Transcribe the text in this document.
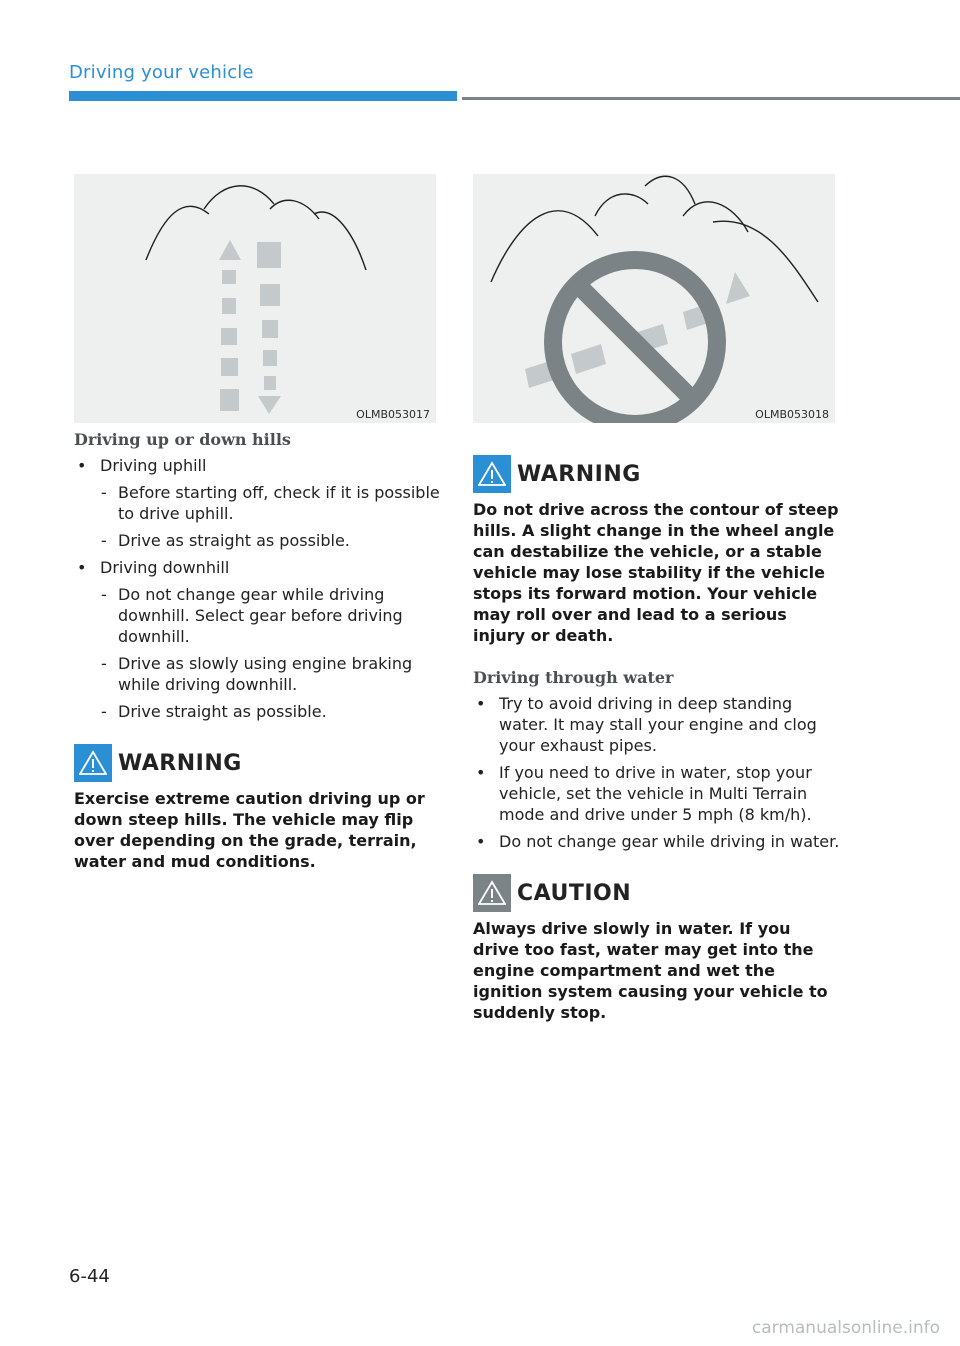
Driving your vehicle
OLMB053017	OLMB053018
Driving up or down hills
• Driving uphill
- Before starting off, check if it is possible to drive uphill.
- Drive as straight as possible.
• Driving downhill
- Do not change gear while driving downhill. Select gear before driving downhill.
- Drive as slowly using engine braking while driving downhill.
- Drive straight as possible.
WARNING
Exercise extreme caution driving up or down steep hills. The vehicle may flip over depending on the grade, terrain, water and mud conditions.
WARNING
Do not drive across the contour of steep hills. A slight change in the wheel angle can destabilize the vehicle, or a stable vehicle may lose stability if the vehicle stops its forward motion. Your vehicle may roll over and lead to a serious injury or death.
Driving through water
• Try to avoid driving in deep standing water. It may stall your engine and clog your exhaust pipes.
• If you need to drive in water, stop your vehicle, set the vehicle in Multi Terrain mode and drive under 5 mph (8 km/h).
• Do not change gear while driving in water.
CAUTION
Always drive slowly in water. If you drive too fast, water may get into the engine compartment and wet the ignition system causing your vehicle to suddenly stop.
6-44
carmanualsonline.info
